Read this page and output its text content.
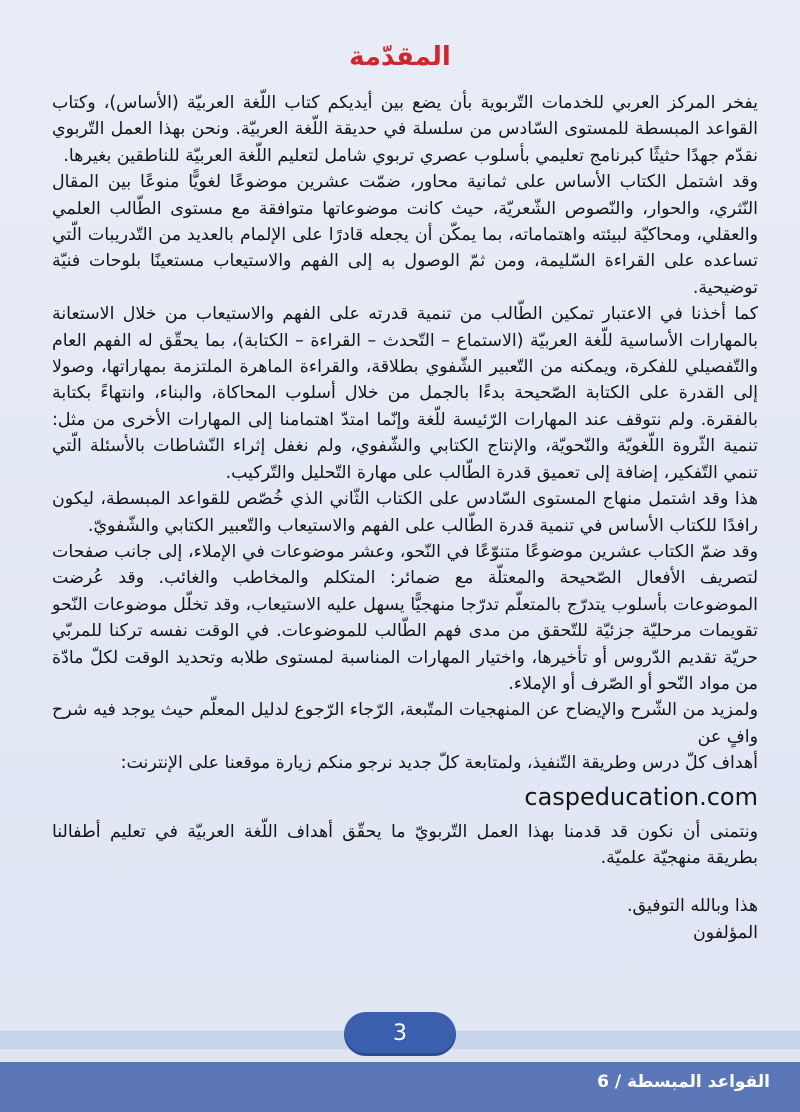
المقدّمة

يفخر المركز العربي للخدمات التّربوية بأن يضع بين أيديكم كتاب اللّغة العربيّة (الأساس)، وكتاب القواعد المبسطة للمستوى السّادس من سلسلة في حديقة اللّغة العربيّة. ونحن بهذا العمل التّربوي نقدّم جهدًا حثيثًا كبرنامج تعليمي بأسلوب عصري تربوي شامل لتعليم اللّغة العربيّة للناطقين بغيرها.

وقد اشتمل الكتاب الأساس على ثمانية محاور، ضمّت عشرين موضوعًا لغويًّا منوعًا بين المقال النّثري، والحوار، والنّصوص الشّعريّة، حيث كانت موضوعاتها متوافقة مع مستوى الطّالب العلمي والعقلي، ومحاكيّة لبيئته واهتماماته، بما يمكّن أن يجعله قادرًا على الإلمام بالعديد من التّدريبات الّتي تساعده على القراءة السّليمة، ومن ثمّ الوصول به إلى الفهم والاستيعاب مستعينًا بلوحات فنيّة توضيحية.

كما أخذنا في الاعتبار تمكين الطّالب من تنمية قدرته على الفهم والاستيعاب من خلال الاستعانة بالمهارات الأساسية للّغة العربيّة (الاستماع – التّحدث – القراءة – الكتابة)، بما يحقّق له الفهم العام والتّفصيلي للفكرة، ويمكنه من التّعبير الشّفوي بطلاقة، والقراءة الماهرة الملتزمة بمهاراتها، وصولا إلى القدرة على الكتابة الصّحيحة بدءًا بالجمل من خلال أسلوب المحاكاة، والبناء، وانتهاءً بكتابة بالفقرة. ولم نتوقف عند المهارات الرّئيسة للّغة وإنّما امتدّ اهتمامنا إلى المهارات الأخرى من مثل: تنمية الثّروة اللّغويّة والنّحويّة، والإنتاج الكتابي والشّفوي، ولم نغفل إثراء النّشاطات بالأسئلة الّتي تنمي التّفكير، إضافة إلى تعميق قدرة الطّالب على مهارة التّحليل والتّركيب.

هذا وقد اشتمل منهاج المستوى السّادس على الكتاب الثّاني الذي خُصّص للقواعد المبسطة، ليكون رافدًا للكتاب الأساس في تنمية قدرة الطّالب على الفهم والاستيعاب والتّعبير الكتابي والشّفويّ.

وقد ضمّ الكتاب عشرين موضوعًا متنوّعًا في النّحو، وعشر موضوعات في الإملاء، إلى جانب صفحات لتصريف الأفعال الصّحيحة والمعتلّة مع ضمائر: المتكلم والمخاطب والغائب. وقد عُرضت الموضوعات بأسلوب يتدرّج بالمتعلّم تدرّجا منهجيًّا يسهل عليه الاستيعاب، وقد تخلّل موضوعات النّحو تقويمات مرحليّة جزئيّة للتّحقق من مدى فهم الطّالب للموضوعات. في الوقت نفسه تركنا للمربّي حريّة تقديم الدّروس أو تأخيرها، واختيار المهارات المناسبة لمستوى طلابه وتحديد الوقت لكلّ مادّة من مواد النّحو أو الصّرف أو الإملاء.

ولمزيد من الشّرح والإيضاح عن المنهجيات المتّبعة، الرّجاء الرّجوع لدليل المعلّم حيث يوجد فيه شرح وافٍ عن

أهداف كلّ درس وطريقة التّنفيذ، ولمتابعة كلّ جديد نرجو منكم زيارة موقعنا على الإنترنت:

caspeducation.com

ونتمنى أن نكون قد قدمنا بهذا العمل التّربويّ ما يحقّق أهداف اللّغة العربيّة في تعليم أطفالنا بطريقة منهجيّة علميّة.

هذا وبالله التوفيق.

المؤلفون

3
القواعد المبسطة / 6
